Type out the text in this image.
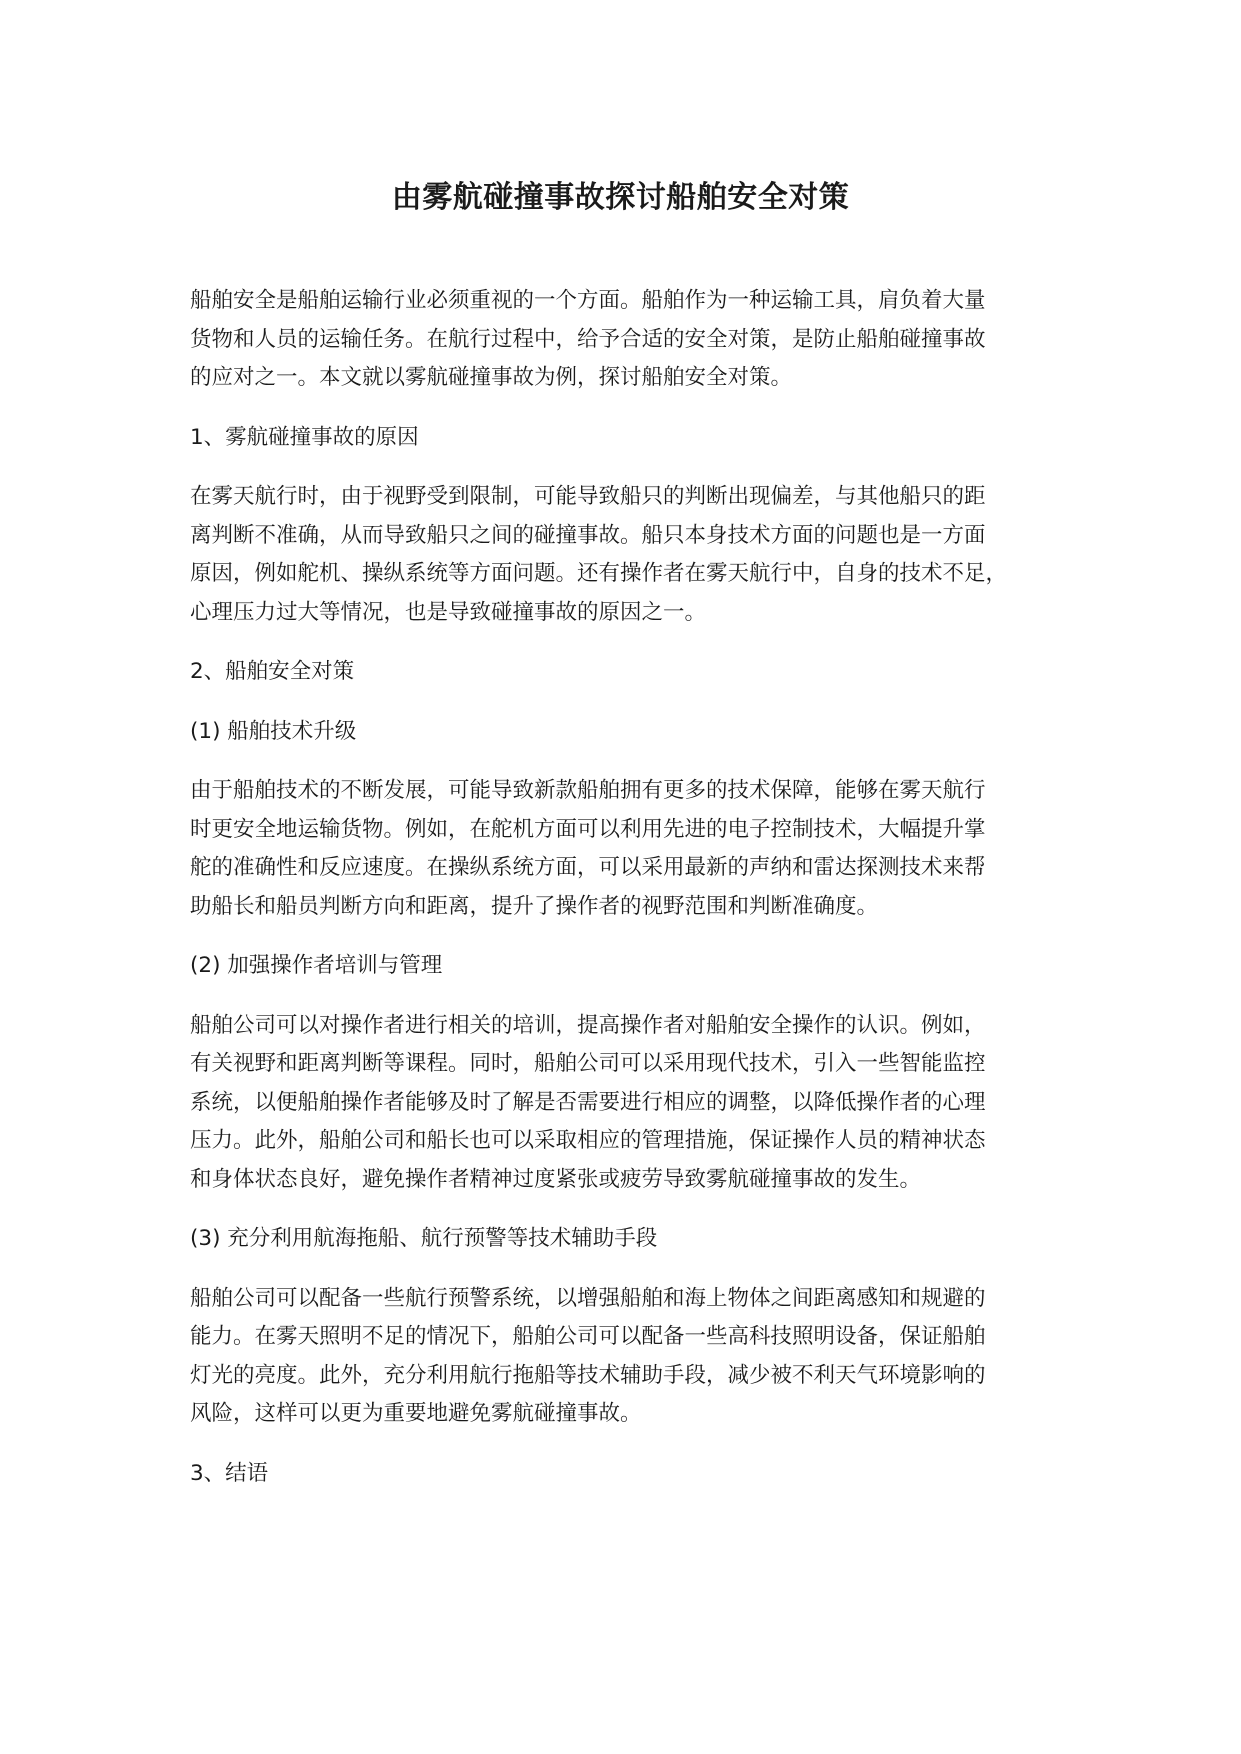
由雾航碰撞事故探讨船舶安全对策
船舶安全是船舶运输行业必须重视的一个方面。船舶作为一种运输工具，肩负着大量
货物和人员的运输任务。在航行过程中，给予合适的安全对策，是防止船舶碰撞事故
的应对之一。本文就以雾航碰撞事故为例，探讨船舶安全对策。
1、雾航碰撞事故的原因
在雾天航行时，由于视野受到限制，可能导致船只的判断出现偏差，与其他船只的距
离判断不准确，从而导致船只之间的碰撞事故。船只本身技术方面的问题也是一方面
原因，例如舵机、操纵系统等方面问题。还有操作者在雾天航行中，自身的技术不足，
心理压力过大等情况，也是导致碰撞事故的原因之一。
2、船舶安全对策
(1) 船舶技术升级
由于船舶技术的不断发展，可能导致新款船舶拥有更多的技术保障，能够在雾天航行
时更安全地运输货物。例如，在舵机方面可以利用先进的电子控制技术，大幅提升掌
舵的准确性和反应速度。在操纵系统方面，可以采用最新的声纳和雷达探测技术来帮
助船长和船员判断方向和距离，提升了操作者的视野范围和判断准确度。
(2) 加强操作者培训与管理
船舶公司可以对操作者进行相关的培训，提高操作者对船舶安全操作的认识。例如，
有关视野和距离判断等课程。同时，船舶公司可以采用现代技术，引入一些智能监控
系统，以便船舶操作者能够及时了解是否需要进行相应的调整，以降低操作者的心理
压力。此外，船舶公司和船长也可以采取相应的管理措施，保证操作人员的精神状态
和身体状态良好，避免操作者精神过度紧张或疲劳导致雾航碰撞事故的发生。
(3) 充分利用航海拖船、航行预警等技术辅助手段
船舶公司可以配备一些航行预警系统，以增强船舶和海上物体之间距离感知和规避的
能力。在雾天照明不足的情况下，船舶公司可以配备一些高科技照明设备，保证船舶
灯光的亮度。此外，充分利用航行拖船等技术辅助手段，减少被不利天气环境影响的
风险，这样可以更为重要地避免雾航碰撞事故。
3、结语
